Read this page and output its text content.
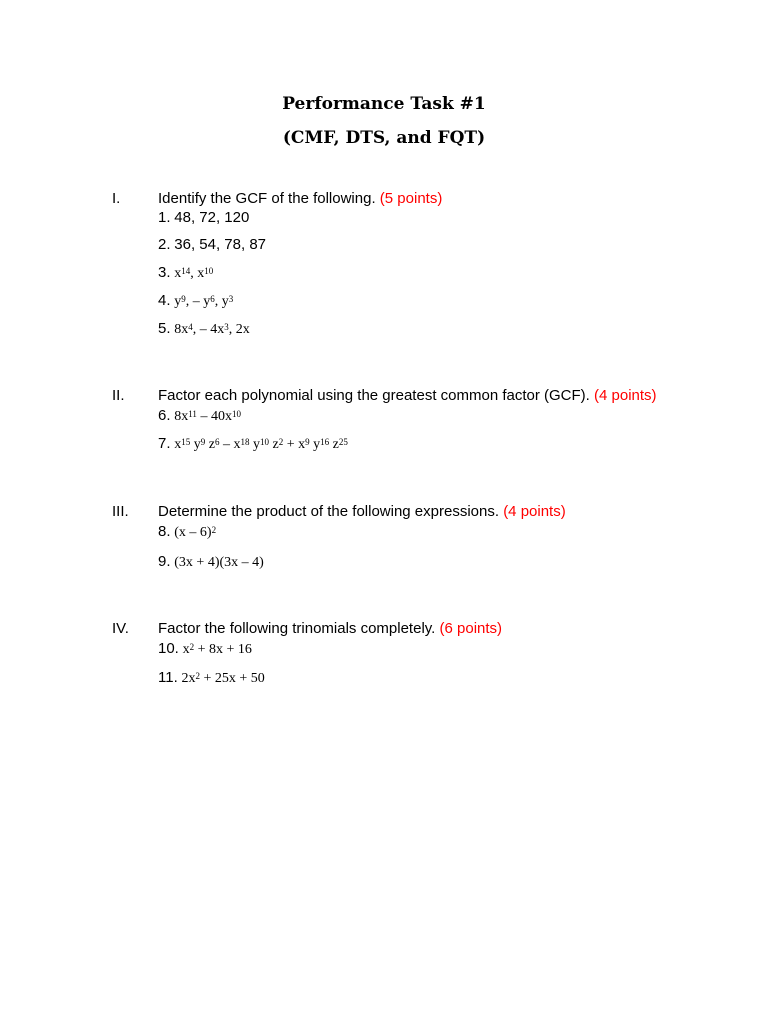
Performance Task #1
(CMF, DTS, and FQT)
I.	Identify the GCF of the following. (5 points)
1. 48, 72, 120
2. 36, 54, 78, 87
3. $x^{14}$, $x^{10}$
4. $y^9$, – $y^6$, $y^3$
5. $8x^4$, – $4x^3$, 2x
II. Factor each polynomial using the greatest common factor (GCF). (4 points)
6. $8x^{11} - 40x^{10}$
7. $x^{15}$ $y^9$ $z^6 - x^{18}$ $y^{10}$ $z^2 + x^9$ $y^{16}$ $z^{25}$
III. Determine the product of the following expressions. (4 points)
8. (x – 6)$^2$
9. (3x + 4)(3x – 4)
IV. Factor the following trinomials completely. (6 points)
10. $x^2 + 8x + 16$
11. $2x^2 + 25x + 50$
